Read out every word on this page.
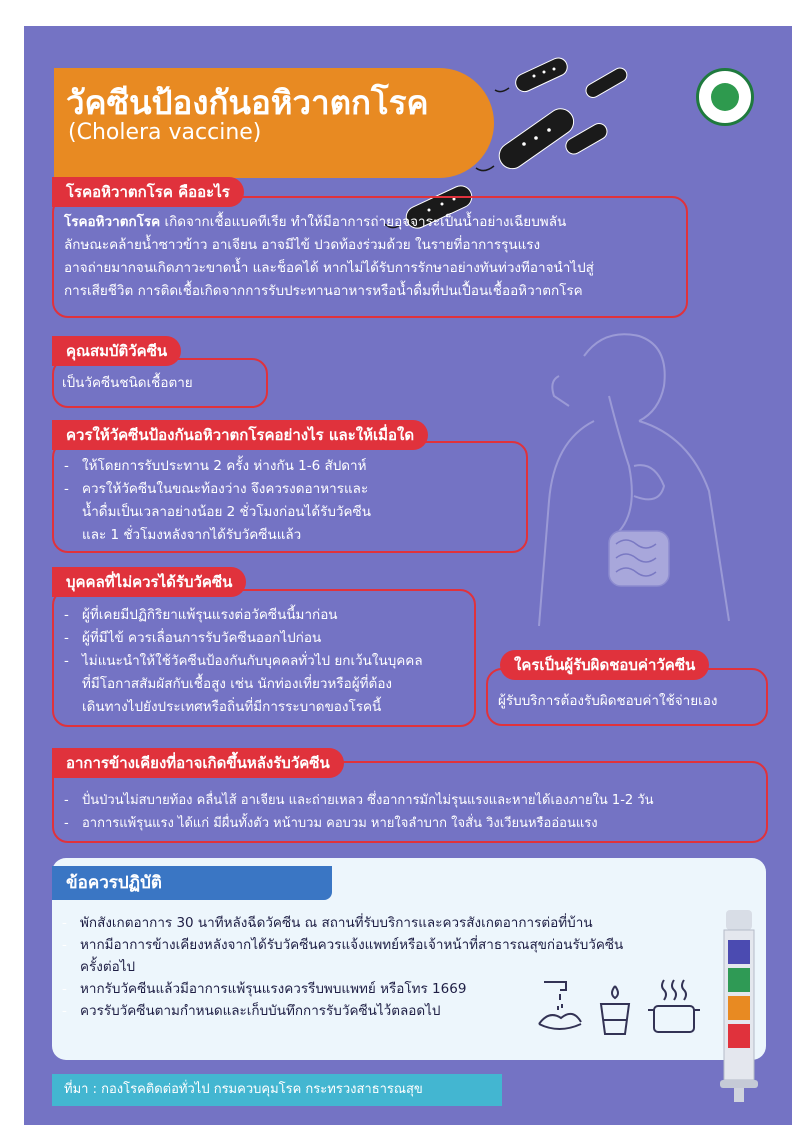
วัคซีนป้องกันอหิวาตกโรค
(Cholera vaccine)
โรคอหิวาตกโรค คืออะไร
โรคอหิวาตกโรค เกิดจากเชื้อแบคทีเรีย ทำให้มีอาการถ่ายอุจจาระเป็นน้ำอย่างเฉียบพลัน
ลักษณะคล้ายน้ำซาวข้าว อาเจียน อาจมีไข้ ปวดท้องร่วมด้วย ในรายที่อาการรุนแรง
อาจถ่ายมากจนเกิดภาวะขาดน้ำ และช็อคได้ หากไม่ได้รับการรักษาอย่างทันท่วงทีอาจนำไปสู่
การเสียชีวิต การติดเชื้อเกิดจากการรับประทานอาหารหรือน้ำดื่มที่ปนเปื้อนเชื้ออหิวาตกโรค
คุณสมบัติวัคซีน
เป็นวัคซีนชนิดเชื้อตาย
ควรให้วัคซีนป้องกันอหิวาตกโรคอย่างไร และให้เมื่อใด
- ให้โดยการรับประทาน 2 ครั้ง ห่างกัน 1-6 สัปดาห์
- ควรให้วัคซีนในขณะท้องว่าง จึงควรงดอาหารและ
น้ำดื่มเป็นเวลาอย่างน้อย 2 ชั่วโมงก่อนได้รับวัคซีน
และ 1 ชั่วโมงหลังจากได้รับวัคซีนแล้ว
บุคคลที่ไม่ควรได้รับวัคซีน
- ผู้ที่เคยมีปฏิกิริยาแพ้รุนแรงต่อวัคซีนนี้มาก่อน
- ผู้ที่มีไข้ ควรเลื่อนการรับวัคซีนออกไปก่อน
- ไม่แนะนำให้ใช้วัคซีนป้องกันกับบุคคลทั่วไป ยกเว้นในบุคคล
ที่มีโอกาสสัมผัสกับเชื้อสูง เช่น นักท่องเที่ยวหรือผู้ที่ต้อง
เดินทางไปยังประเทศหรือถิ่นที่มีการระบาดของโรคนี้
ใครเป็นผู้รับผิดชอบค่าวัคซีน
ผู้รับบริการต้องรับผิดชอบค่าใช้จ่ายเอง
อาการข้างเคียงที่อาจเกิดขึ้นหลังรับวัคซีน
- ปั่นป่วนไม่สบายท้อง คลื่นไส้ อาเจียน และถ่ายเหลว ซึ่งอาการมักไม่รุนแรงและหายได้เองภายใน 1-2 วัน
- อาการแพ้รุนแรง ได้แก่ มีผื่นทั้งตัว หน้าบวม คอบวม หายใจลำบาก ใจสั่น วิงเวียนหรืออ่อนแรง
ข้อควรปฏิบัติ
- พักสังเกตอาการ 30 นาทีหลังฉีดวัคซีน ณ สถานที่รับบริการและควรสังเกตอาการต่อที่บ้าน
- หากมีอาการข้างเคียงหลังจากได้รับวัคซีนควรแจ้งแพทย์หรือเจ้าหน้าที่สาธารณสุขก่อนรับวัคซีน
ครั้งต่อไป
- หากรับวัคซีนแล้วมีอาการแพ้รุนแรงควรรีบพบแพทย์ หรือโทร 1669
- ควรรับวัคซีนตามกำหนดและเก็บบันทึกการรับวัคซีนไว้ตลอดไป
ที่มา : กองโรคติดต่อทั่วไป กรมควบคุมโรค กระทรวงสาธารณสุข
